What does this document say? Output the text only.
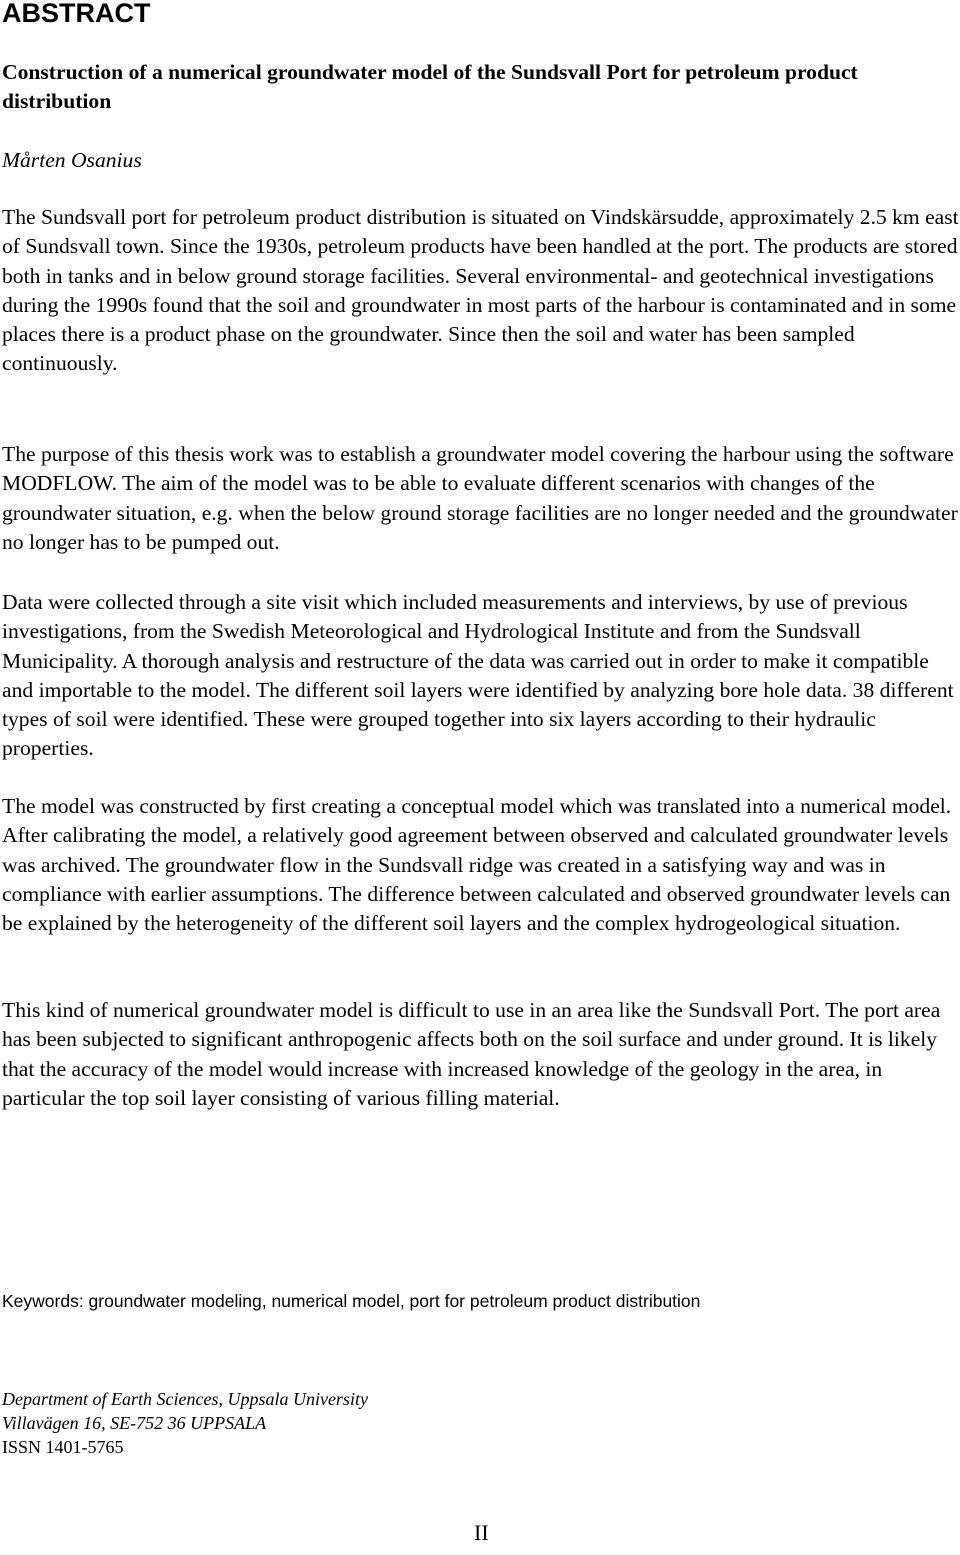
ABSTRACT

Construction of a numerical groundwater model of the Sundsvall Port for petroleum product distribution

Mårten Osanius

The Sundsvall port for petroleum product distribution is situated on Vindskärsudde, approximately 2.5 km east of Sundsvall town. Since the 1930s, petroleum products have been handled at the port. The products are stored both in tanks and in below ground storage facilities. Several environmental- and geotechnical investigations during the 1990s found that the soil and groundwater in most parts of the harbour is contaminated and in some places there is a product phase on the groundwater. Since then the soil and water has been sampled continuously.

The purpose of this thesis work was to establish a groundwater model covering the harbour using the software MODFLOW. The aim of the model was to be able to evaluate different scenarios with changes of the groundwater situation, e.g. when the below ground storage facilities are no longer needed and the groundwater no longer has to be pumped out.

Data were collected through a site visit which included measurements and interviews, by use of previous investigations, from the Swedish Meteorological and Hydrological Institute and from the Sundsvall Municipality. A thorough analysis and restructure of the data was carried out in order to make it compatible and importable to the model. The different soil layers were identified by analyzing bore hole data. 38 different types of soil were identified. These were grouped together into six layers according to their hydraulic properties.

The model was constructed by first creating a conceptual model which was translated into a numerical model. After calibrating the model, a relatively good agreement between observed and calculated groundwater levels was archived. The groundwater flow in the Sundsvall ridge was created in a satisfying way and was in compliance with earlier assumptions. The difference between calculated and observed groundwater levels can be explained by the heterogeneity of the different soil layers and the complex hydrogeological situation.

This kind of numerical groundwater model is difficult to use in an area like the Sundsvall Port. The port area has been subjected to significant anthropogenic affects both on the soil surface and under ground. It is likely that the accuracy of the model would increase with increased knowledge of the geology in the area, in particular the top soil layer consisting of various filling material.

Keywords: groundwater modeling, numerical model, port for petroleum product distribution

Department of Earth Sciences, Uppsala University
Villavägen 16, SE-752 36 UPPSALA
ISSN 1401-5765

II
